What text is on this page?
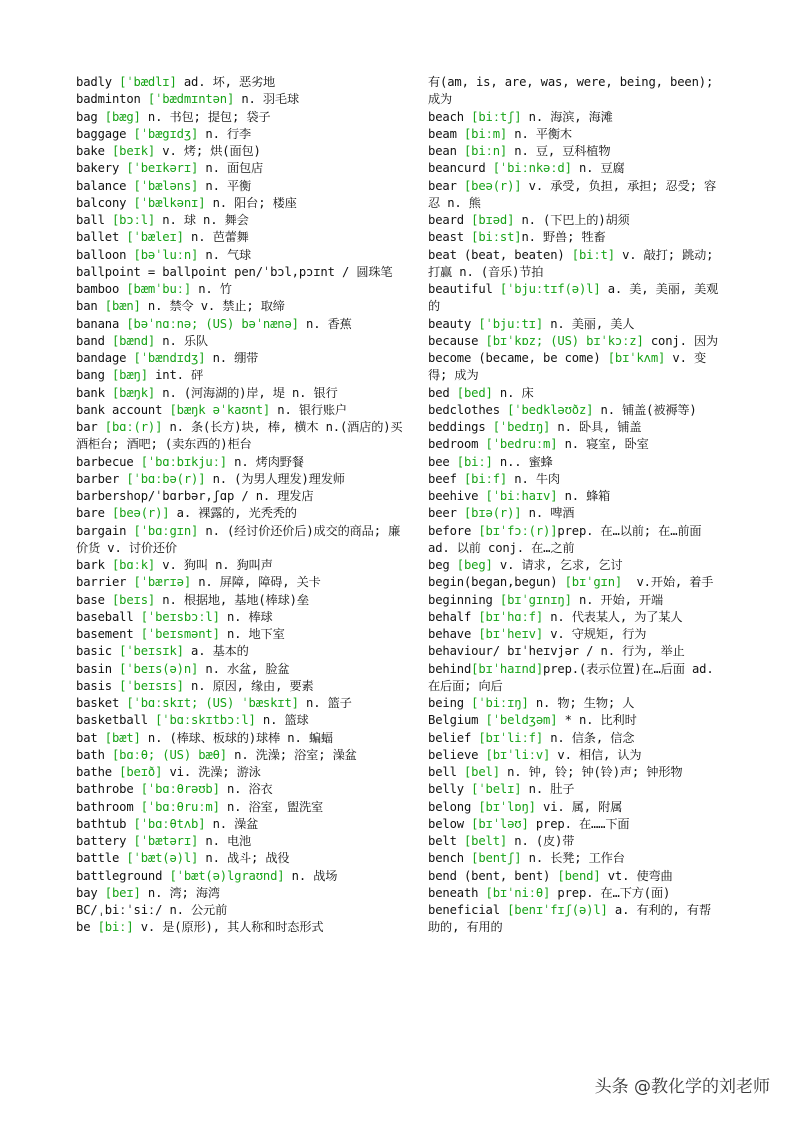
badly [ˈbædlɪ] ad. 坏, 恶劣地
badminton [ˈbædmɪntən] n. 羽毛球
bag [bæg] n. 书包; 提包; 袋子
baggage [ˈbægɪdʒ] n. 行李
bake [beɪk] v. 烤; 烘(面包)
bakery [ˈbeɪkərɪ] n. 面包店
balance [ˈbæləns] n. 平衡
balcony [ˈbælkənɪ] n. 阳台; 楼座
ball [bɔːl] n. 球 n. 舞会
ballet [ˈbæleɪ] n. 芭蕾舞
balloon [bəˈluːn] n. 气球
ballpoint = ballpoint pen/ˈbɔl,pɔɪnt / 圆珠笔
bamboo [bæmˈbuː] n. 竹
ban [bæn] n. 禁令 v. 禁止; 取缔
banana [bəˈnɑːnə; (US) bəˈnænə] n. 香蕉
band [bænd] n. 乐队
bandage [ˈbændɪdʒ] n. 绷带
bang [bæŋ] int. 砰
bank [bæŋk] n. (河海湖的)岸, 堤 n. 银行
bank account [bæŋk əˈkaʊnt] n. 银行账户
bar [bɑː(r)] n. 条(长方)块, 棒, 横木 n.(酒店的)买酒柜台; 酒吧; (卖东西的)柜台
barbecue [ˈbɑːbɪkjuː] n. 烤肉野餐
barber [ˈbɑːbə(r)] n. (为男人理发)理发师
barbershop/ˈbɑrbər,ʃɑp / n. 理发店
bare [beə(r)] a. 裸露的, 光秃秃的
bargain [ˈbɑːgɪn] n. (经讨价还价后)成交的商品; 廉价货 v. 讨价还价
bark [bɑːk] v. 狗叫 n. 狗叫声
barrier [ˈbærɪə] n. 屏障, 障碍, 关卡
base [beɪs] n. 根据地, 基地(棒球)垒
baseball [ˈbeɪsbɔːl] n. 棒球
basement [ˈbeɪsmənt] n. 地下室
basic [ˈbeɪsɪk] a. 基本的
basin [ˈbeɪs(ə)n] n. 水盆, 脸盆
basis [ˈbeɪsɪs] n. 原因, 缘由, 要素
basket [ˈbɑːskɪt; (US) ˈbæskɪt] n. 篮子
basketball [ˈbɑːskɪtbɔːl] n. 篮球
bat [bæt] n. (棒球、板球的)球棒 n. 蝙蝠
bath [bɑːθ; (US) bæθ] n. 洗澡; 浴室; 澡盆
bathe [beɪð] vi. 洗澡; 游泳
bathrobe [ˈbɑːθrəʊb] n. 浴衣
bathroom [ˈbɑːθruːm] n. 浴室, 盥洗室
bathtub [ˈbɑːθtʌb] n. 澡盆
battery [ˈbætərɪ] n. 电池
battle [ˈbæt(ə)l] n. 战斗; 战役
battleground [ˈbæt(ə)lgraʊnd] n. 战场
bay [beɪ] n. 湾; 海湾
BC/ˌbiːˈsiː/ n. 公元前
be [biː] v. 是(原形), 其人称和时态形式
有(am, is, are, was, were, being, been); 成为
beach [biːtʃ] n. 海滨, 海滩
beam [biːm] n. 平衡木
bean [biːn] n. 豆, 豆科植物
beancurd [ˈbiːnkəːd] n. 豆腐
bear [beə(r)] v. 承受, 负担, 承担; 忍受; 容忍 n. 熊
beard [bɪəd] n. (下巴上的)胡须
beast [biːst]n. 野兽; 牲畜
beat (beat, beaten) [biːt] v. 敲打; 跳动; 打赢 n. (音乐)节拍
beautiful [ˈbjuːtɪf(ə)l] a. 美, 美丽, 美观的
beauty [ˈbjuːtɪ] n. 美丽, 美人
because [bɪˈkɒz; (US) bɪˈkɔːz] conj. 因为
become (became, be come) [bɪˈkʌm] v. 变得; 成为
bed [bed] n. 床
bedclothes [ˈbedkləʊðz] n. 铺盖(被褥等)
beddings [ˈbedɪŋ] n. 卧具, 铺盖
bedroom [ˈbedruːm] n. 寝室, 卧室
bee [biː] n.. 蜜蜂
beef [biːf] n. 牛肉
beehive [ˈbiːhaɪv] n. 蜂箱
beer [bɪə(r)] n. 啤酒
before [bɪˈfɔː(r)]prep. 在…以前; 在…前面 ad. 以前 conj. 在…之前
beg [beg] v. 请求, 乞求, 乞讨
begin(began,begun) [bɪˈgɪn]  v.开始, 着手
beginning [bɪˈgɪnɪŋ] n. 开始, 开端
behalf [bɪˈhɑːf] n. 代表某人, 为了某人
behave [bɪˈheɪv] v. 守规矩, 行为
behaviour/ bɪˈheɪvjər / n. 行为, 举止
behind[bɪˈhaɪnd]prep.(表示位置)在…后面 ad. 在后面; 向后
being [ˈbiːɪŋ] n. 物; 生物; 人
Belgium [ˈbeldʒəm] * n. 比利时
belief [bɪˈliːf] n. 信条, 信念
believe [bɪˈliːv] v. 相信, 认为
bell [bel] n. 钟, 铃; 钟(铃)声; 钟形物
belly [ˈbelɪ] n. 肚子
belong [bɪˈlɒŋ] vi. 属, 附属
below [bɪˈləʊ] prep. 在……下面
belt [belt] n. (皮)带
bench [bentʃ] n. 长凳; 工作台
bend (bent, bent) [bend] vt. 使弯曲
beneath [bɪˈniːθ] prep. 在…下方(面)
beneficial [benɪˈfɪʃ(ə)l] a. 有利的, 有帮助的, 有用的
头条 @教化学的刘老师
